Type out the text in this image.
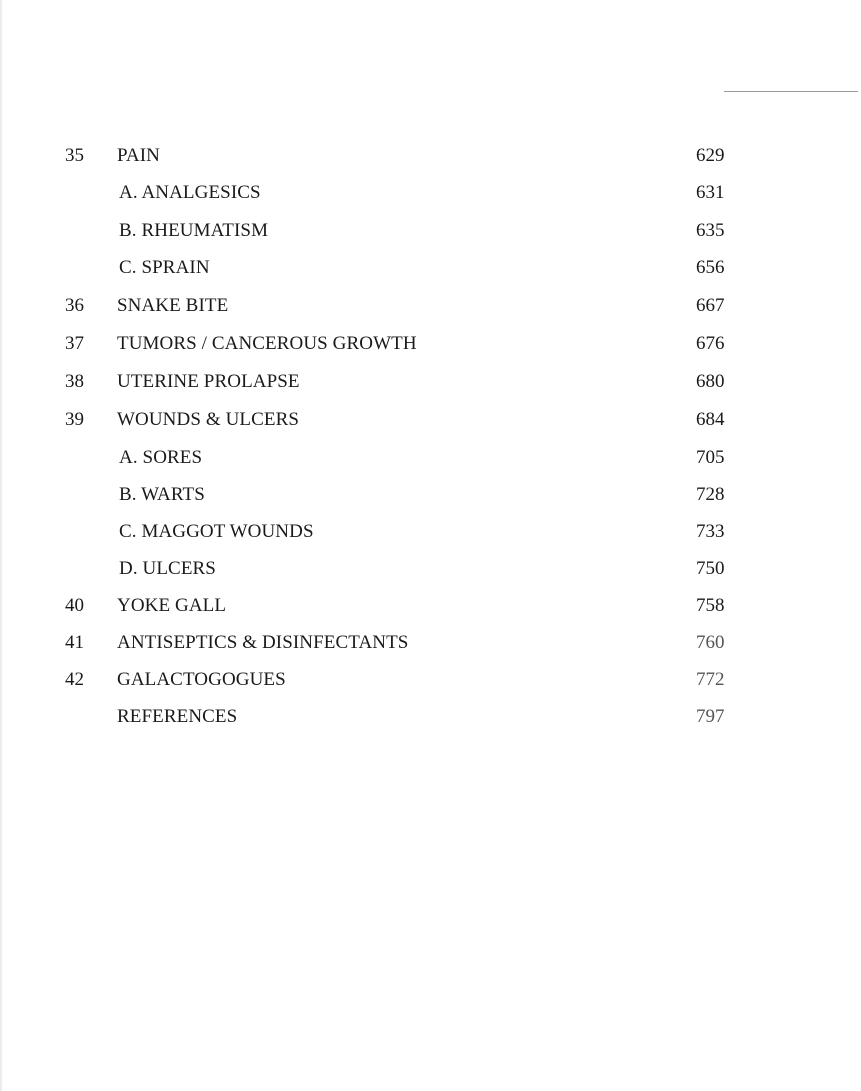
35	PAIN	629
A. ANALGESICS	631
B. RHEUMATISM	635
C. SPRAIN	656
36	SNAKE BITE	667
37	TUMORS / CANCEROUS GROWTH	676
38	UTERINE PROLAPSE	680
39	WOUNDS & ULCERS	684
A. SORES	705
B. WARTS	728
C. MAGGOT WOUNDS	733
D. ULCERS	750
40	YOKE GALL	758
41	ANTISEPTICS & DISINFECTANTS	760
42	GALACTOGOGUES	772
REFERENCES	797
